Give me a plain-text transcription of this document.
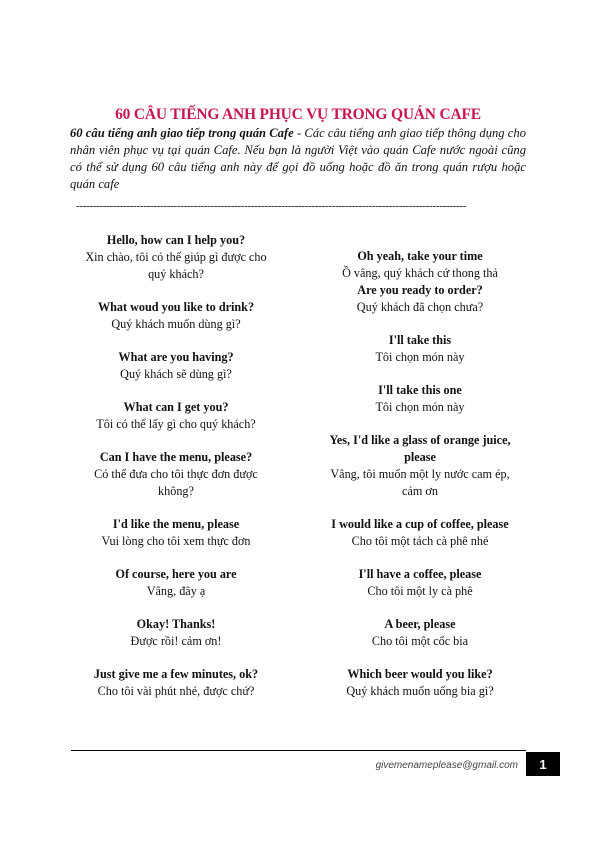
60 CÂU TIẾNG ANH PHỤC VỤ TRONG QUÁN CAFE
60 câu tiếng anh giao tiếp trong quán Cafe - Các câu tiếng anh giao tiếp thông dụng cho nhân viên phục vụ tại quán Cafe. Nếu bạn là người Việt vào quán Cafe nước ngoài cũng có thể sử dụng 60 câu tiếng anh này để gọi đồ uống hoặc đồ ăn trong quán rượu hoặc quán cafe
--------------------------------------------------------------------------------------------------------------------
Hello, how can I help you?
Xin chào, tôi có thể giúp gì được cho quý khách?
What woud you like to drink?
Quý khách muốn dùng gì?
What are you having?
Quý khách sẽ dùng gì?
What can I get you?
Tôi có thể lấy gì cho quý khách?
Can I have the menu, please?
Có thể đưa cho tôi thực đơn được không?
I'd like the menu, please
Vui lòng cho tôi xem thực đơn
Of course, here you are
Vâng, đây ạ
Okay! Thanks!
Được rồi! cảm ơn!
Just give me a few minutes, ok?
Cho tôi vài phút nhé, được chứ?
Oh yeah, take your time
Ồ vâng, quý khách cứ thong thả
Are you ready to order?
Quý khách đã chọn chưa?
I'll take this
Tôi chọn món này
I'll take this one
Tôi chọn món này
Yes, I'd like a glass of orange juice, please
Vâng, tôi muốn một ly nước cam ép, cảm ơn
I would like a cup of coffee, please
Cho tôi một tách cà phê nhé
I'll have a coffee, please
Cho tôi một ly cà phê
A beer, please
Cho tôi một cốc bia
Which beer would you like?
Quý khách muốn uống bia gì?
givemenameplease@gmail.com	1
